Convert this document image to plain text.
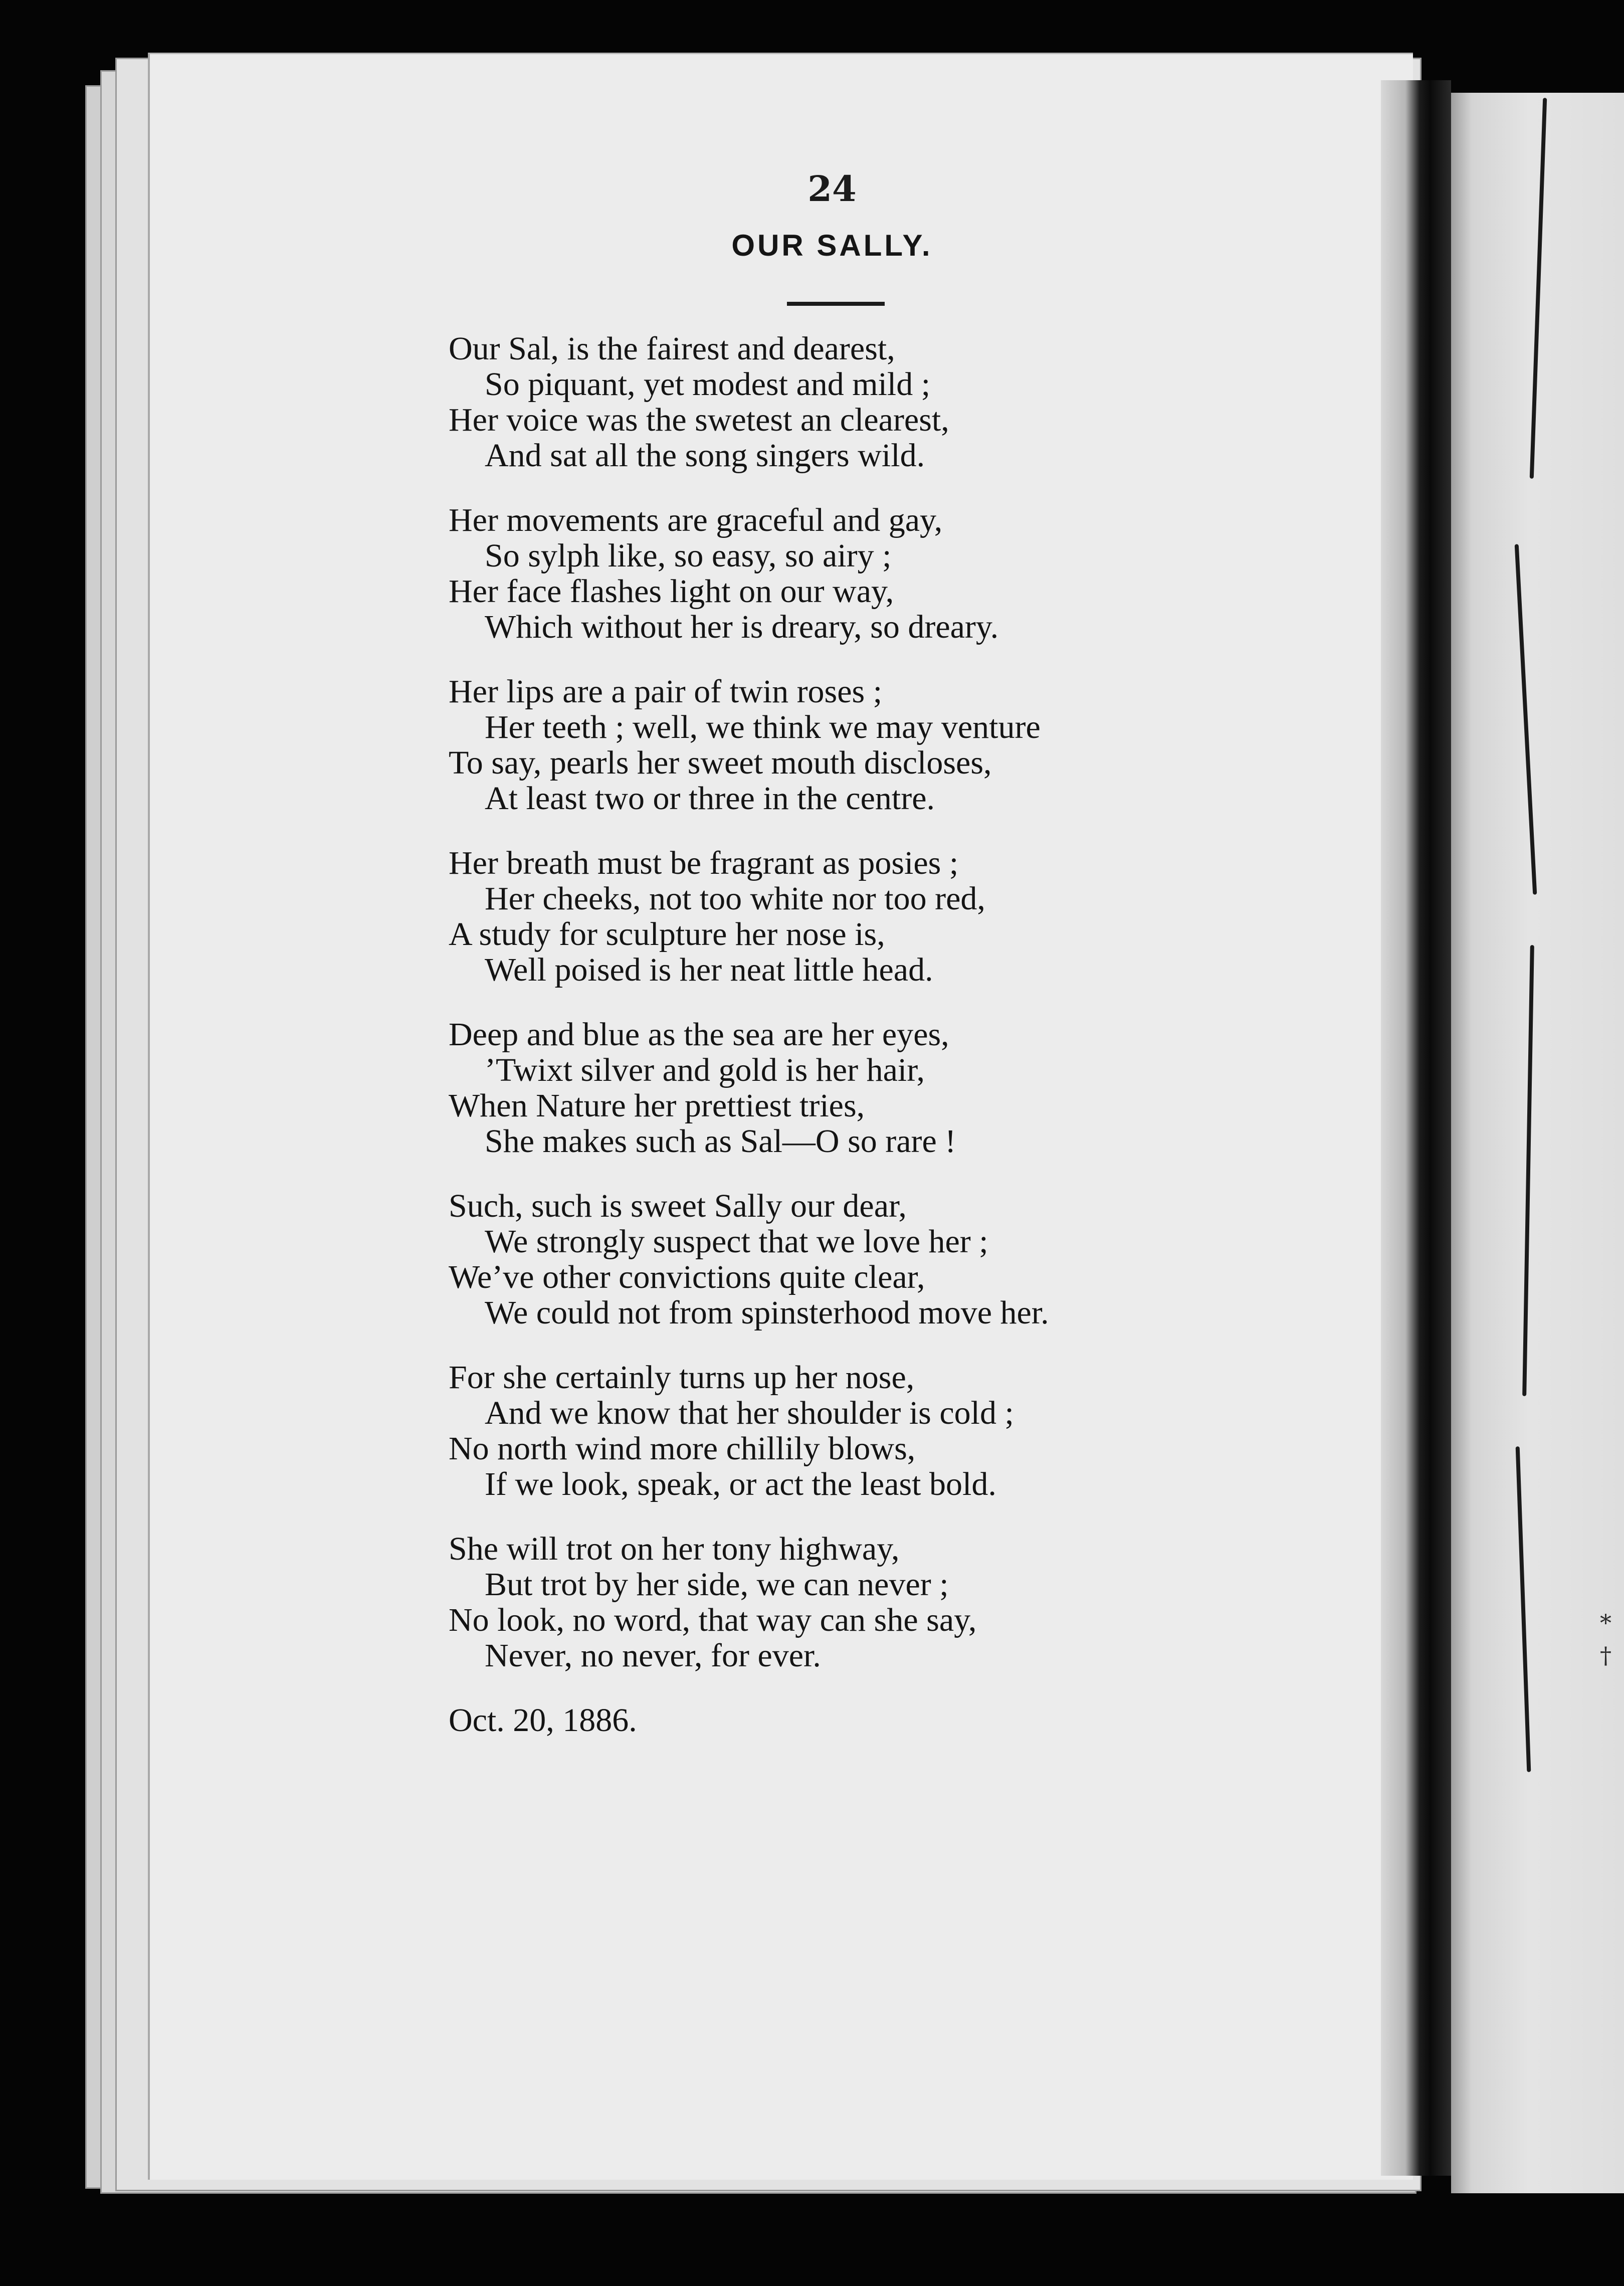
24
OUR SALLY.
Our Sal, is the fairest and dearest,
So piquant, yet modest and mild ;
Her voice was the swetest an clearest,
And sat all the song singers wild.
Her movements are graceful and gay,
So sylph like, so easy, so airy ;
Her face flashes light on our way,
Which without her is dreary, so dreary.
Her lips are a pair of twin roses ;
Her teeth ; well, we think we may venture
To say, pearls her sweet mouth discloses,
At least two or three in the centre.
Her breath must be fragrant as posies ;
Her cheeks, not too white nor too red,
A study for sculpture her nose is,
Well poised is her neat little head.
Deep and blue as the sea are her eyes,
’Twixt silver and gold is her hair,
When Nature her prettiest tries,
She makes such as Sal—O so rare !
Such, such is sweet Sally our dear,
We strongly suspect that we love her ;
We’ve other convictions quite clear,
We could not from spinsterhood move her.
For she certainly turns up her nose,
And we know that her shoulder is cold ;
No north wind more chillily blows,
If we look, speak, or act the least bold.
She will trot on her tony highway,
But trot by her side, we can never ;
No look, no word, that way can she say,
Never, no never, for ever.
Oct. 20, 1886.
*
†
